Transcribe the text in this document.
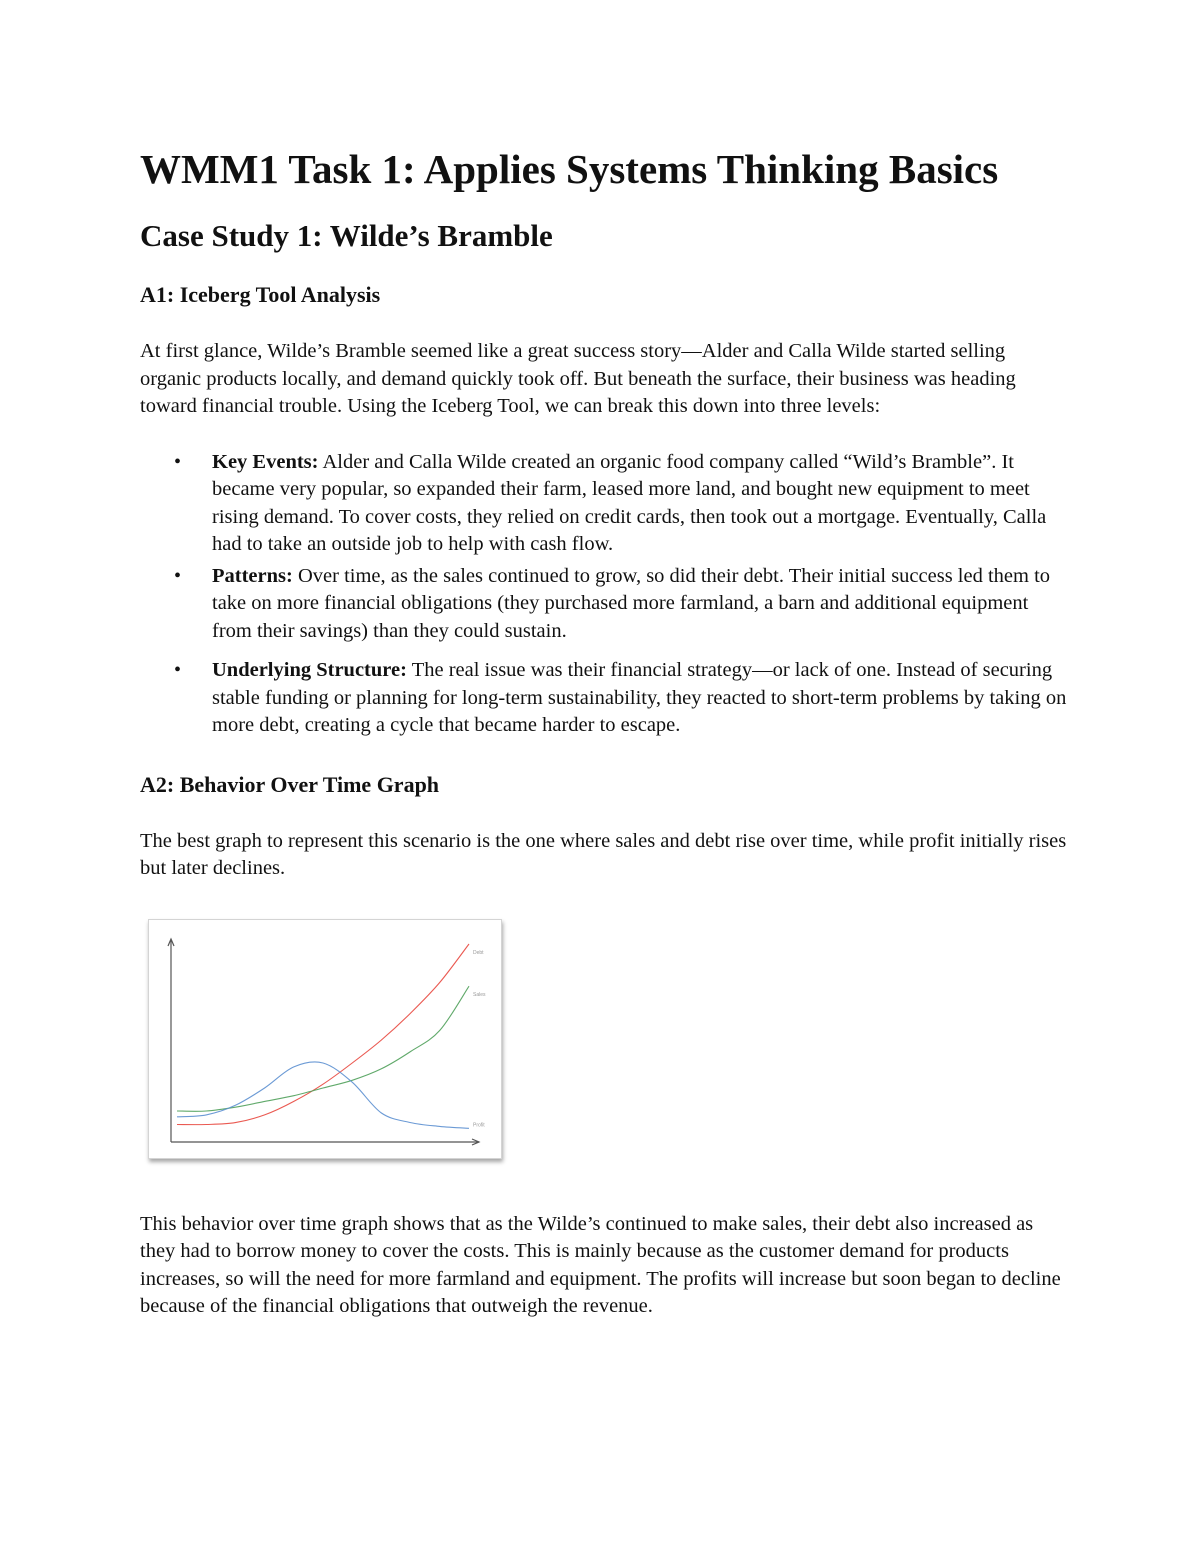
WMM1 Task 1: Applies Systems Thinking Basics
Case Study 1: Wilde’s Bramble
A1: Iceberg Tool Analysis

At first glance, Wilde’s Bramble seemed like a great success story—Alder and Calla Wilde started selling organic products locally, and demand quickly took off. But beneath the surface, their business was heading toward financial trouble. Using the Iceberg Tool, we can break this down into three levels:

• Key Events: Alder and Calla Wilde created an organic food company called “Wild’s Bramble”. It became very popular, so expanded their farm, leased more land, and bought new equipment to meet rising demand. To cover costs, they relied on credit cards, then took out a mortgage. Eventually, Calla had to take an outside job to help with cash flow.
• Patterns: Over time, as the sales continued to grow, so did their debt. Their initial success led them to take on more financial obligations (they purchased more farmland, a barn and additional equipment from their savings) than they could sustain.
• Underlying Structure: The real issue was their financial strategy—or lack of one. Instead of securing stable funding or planning for long-term sustainability, they reacted to short-term problems by taking on more debt, creating a cycle that became harder to escape.
A2: Behavior Over Time Graph

The best graph to represent this scenario is the one where sales and debt rise over time, while profit initially rises but later declines.

Debt
Sales
Profit

This behavior over time graph shows that as the Wilde’s continued to make sales, their debt also increased as they had to borrow money to cover the costs. This is mainly because as the customer demand for products increases, so will the need for more farmland and equipment. The profits will increase but soon began to decline because of the financial obligations that outweigh the revenue.
